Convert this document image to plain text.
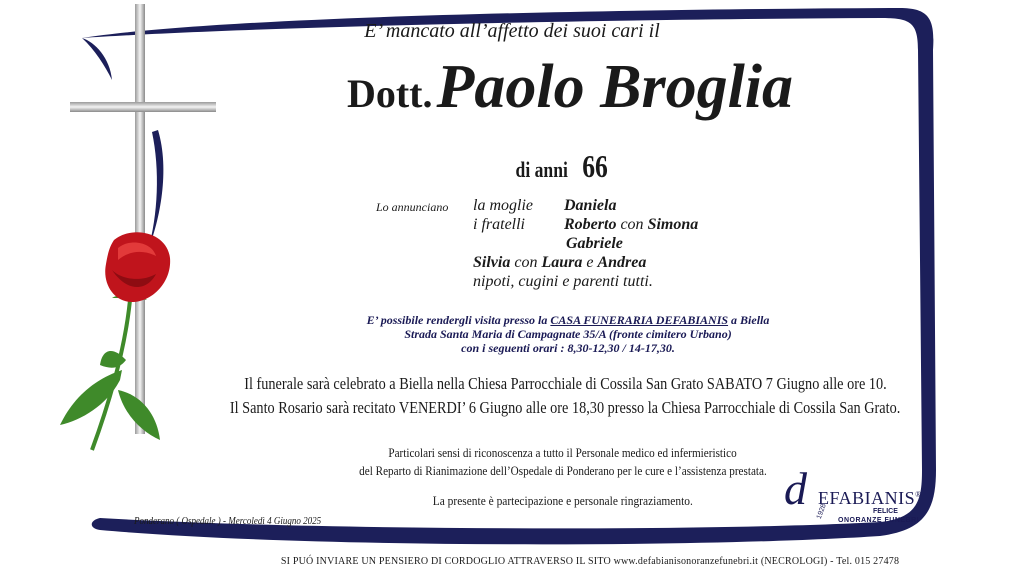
E’ mancato all’affetto dei suoi cari il
Dott. Paolo Broglia
di anni 66
Lo annunciano la moglie Daniela
i fratelli Roberto con Simona
Gabriele
Silvia con Laura e Andrea
nipoti, cugini e parenti tutti.
E’ possibile rendergli visita presso la CASA FUNERARIA DEFABIANIS a Biella
Strada Santa Maria di Campagnate 35/A (fronte cimitero Urbano)
con i seguenti orari : 8,30-12,30 / 14-17,30.
Il funerale sarà celebrato a Biella nella Chiesa Parrocchiale di Cossila San Grato SABATO 7 Giugno alle ore 10.
Il Santo Rosario sarà recitato VENERDI’ 6 Giugno alle ore 18,30 presso la Chiesa Parrocchiale di Cossila San Grato.
Particolari sensi di riconoscenza a tutto il Personale medico ed infermieristico
del Reparto di Rianimazione dell’Ospedale di Ponderano per le cure e l’assistenza prestata.
La presente è partecipazione e personale ringraziamento.
Ponderano ( Ospedale ) - Mercoledì 4 Giugno 2025
d EFABIANIS®
FELICE
ONORANZE FUNEBRI
1928
SI PUÓ INVIARE UN PENSIERO DI CORDOGLIO ATTRAVERSO IL SITO www.defabianisonoranzefunebri.it (NECROLOGI) - Tel. 015 27478
